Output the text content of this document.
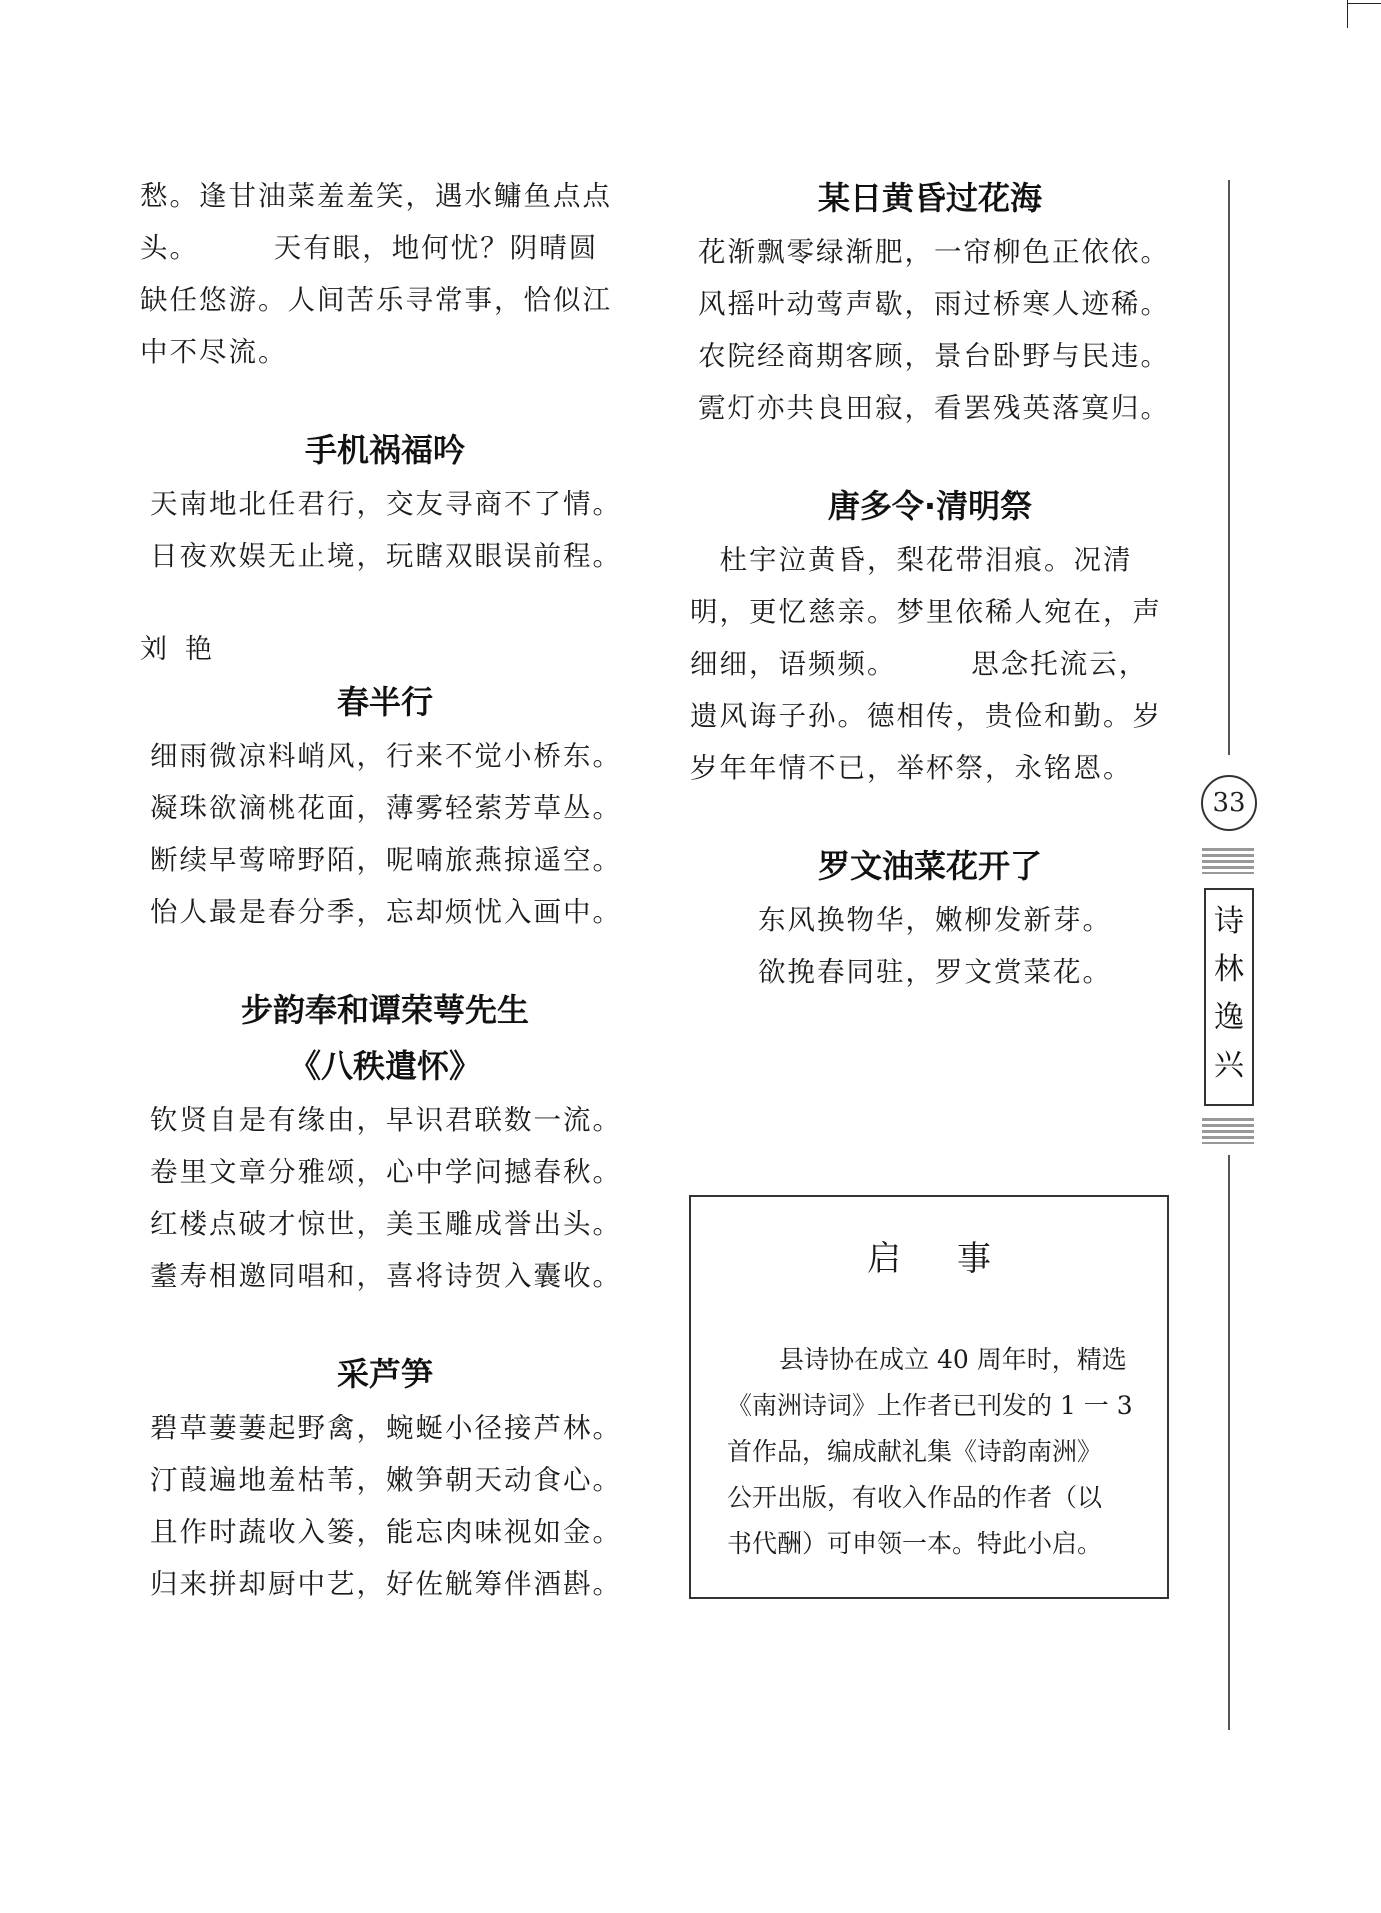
愁。逢甘油菜羞羞笑，遇水鳙鱼点点

头。　　　天有眼，地何忧？阴晴圆

缺任悠游。人间苦乐寻常事，恰似江

中不尽流。

手机祸福吟

天南地北任君行，交友寻商不了情。

日夜欢娱无止境，玩瞎双眼误前程。

刘艳

春半行

细雨微凉料峭风，行来不觉小桥东。

凝珠欲滴桃花面，薄雾轻萦芳草丛。

断续早莺啼野陌，呢喃旅燕掠遥空。

怡人最是春分季，忘却烦忧入画中。

步韵奉和谭荣萼先生
《八秩遣怀》

钦贤自是有缘由，早识君联数一流。

卷里文章分雅颂，心中学问撼春秋。

红楼点破才惊世，美玉雕成誉出头。

耋寿相邀同唱和，喜将诗贺入囊收。

采芦笋

碧草萋萋起野禽，蜿蜒小径接芦林。

汀葭遍地羞枯苇，嫩笋朝天动食心。

且作时蔬收入篓，能忘肉味视如金。

归来拼却厨中艺，好佐觥筹伴酒斟。

某日黄昏过花海

花渐飘零绿渐肥，一帘柳色正依依。

风摇叶动莺声歇，雨过桥寒人迹稀。

农院经商期客顾，景台卧野与民违。

霓灯亦共良田寂，看罢残英落寞归。

唐多令·清明祭

　杜宇泣黄昏，梨花带泪痕。况清

明，更忆慈亲。梦里依稀人宛在，声

细细，语频频。　　　思念托流云，

遗风诲子孙。德相传，贵俭和勤。岁

岁年年情不已，举杯祭，永铭恩。

罗文油菜花开了

东风换物华，嫩柳发新芽。

欲挽春同驻，罗文赏菜花。

启事

县诗协在成立 40 周年时，精选

《南洲诗词》上作者已刊发的 1 一 3

首作品，编成献礼集《诗韵南洲》

公开出版，有收入作品的作者（以

书代酬）可申领一本。特此小启。

33
诗
林
逸
兴
